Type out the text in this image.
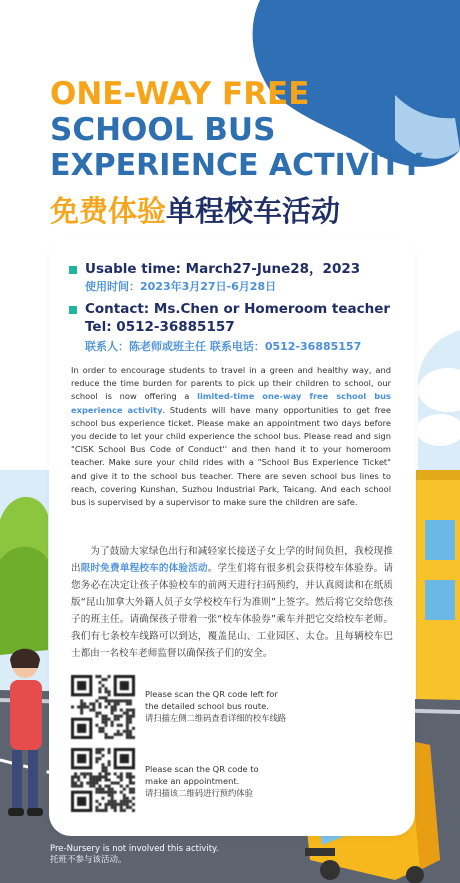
ONE-WAY FREE
SCHOOL BUS
EXPERIENCE ACTIVITY
免费体验单程校车活动
Usable time: March27-June28，2023
使用时间：2023年3月27日-6月28日
Contact: Ms.Chen or Homeroom teacher
Tel: 0512-36885157
联系人：陈老师或班主任 联系电话：0512-36885157

In order to encourage students to travel in a green and healthy way, and reduce the time burden for parents to pick up their children to school, our school is now offering a limited-time one-way free school bus experience activity. Students will have many opportunities to get free school bus experience ticket. Please make an appointment two days before you decide to let your child experience the school bus. Please read and sign "CISK School Bus Code of Conduct'' and then hand it to your homeroom teacher. Make sure your child rides with a "School Bus Experience Ticket" and give it to the school bus teacher. There are seven school bus lines to reach, covering Kunshan, Suzhou Industrial Park, Taicang. And each school bus is supervised by a supervisor to make sure the children are safe.

为了鼓励大家绿色出行和减轻家长接送子女上学的时间负担，我校现推出限时免费单程校车的体验活动。学生们将有很多机会获得校车体验券。请您务必在决定让孩子体验校车的前两天进行扫码预约，并认真阅读和在纸质版“昆山加拿大外籍人员子女学校校车行为准则”上签字。然后将它交给您孩子的班主任。请确保孩子带着一张“校车体验券”乘车并把它交给校车老师。我们有七条校车线路可以到达，覆盖昆山、工业园区、太仓。且每辆校车巴士都由一名校车老师监督以确保孩子们的安全。

Please scan the QR code left for
the detailed school bus route.
请扫描左侧二维码查看详细的校车线路
Please scan the QR code to
make an appointment.
请扫描该二维码进行预约体验
Pre-Nursery is not involved this activity.
托班不参与该活动。
